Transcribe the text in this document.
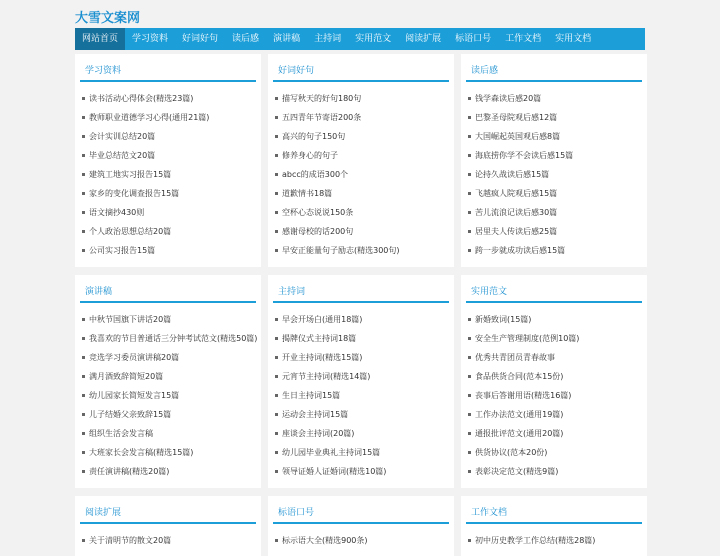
大雪文案网
网站首页	学习资料	好词好句	读后感	演讲稿	主持词	实用范文	阅读扩展	标语口号	工作文档	实用文档
学习资料
读书活动心得体会(精选23篇)
教师职业道德学习心得(通用21篇)
会计实训总结20篇
毕业总结范文20篇
建筑工地实习报告15篇
家乡的变化调查报告15篇
语文摘抄430则
个人政治思想总结20篇
公司实习报告15篇
好词好句
描写秋天的好句180句
五四青年节寄语200条
高兴的句子150句
修养身心的句子
abcc的成语300个
道歉情书18篇
空杯心态说说150条
感谢母校的话200句
早安正能量句子励志(精选300句)
读后感
钱学森读后感20篇
巴黎圣母院观后感12篇
大国崛起英国观后感8篇
海底捞你学不会读后感15篇
论持久战读后感15篇
飞越疯人院观后感15篇
苦儿流浪记读后感30篇
居里夫人传读后感25篇
跨一步就成功读后感15篇
演讲稿
中秋节国旗下讲话20篇
我喜欢的节目普通话三分钟考试范文(精选50篇)
竞选学习委员演讲稿20篇
满月酒致辞简短20篇
幼儿园家长简短发言15篇
儿子结婚父亲致辞15篇
组织生活会发言稿
大班家长会发言稿(精选15篇)
责任演讲稿(精选20篇)
主持词
早会开场白(通用18篇)
揭牌仪式主持词18篇
开业主持词(精选15篇)
元宵节主持词(精选14篇)
生日主持词15篇
运动会主持词15篇
座谈会主持词(20篇)
幼儿园毕业典礼主持词15篇
领导证婚人证婚词(精选10篇)
实用范文
新婚致词(15篇)
安全生产管理制度(范例10篇)
优秀共青团员青春故事
食品供货合同(范本15份)
丧事后答谢用语(精选16篇)
工作办法范文(通用19篇)
通报批评范文(通用20篇)
供货协议(范本20份)
表彰决定范文(精选9篇)
阅读扩展
关于清明节的散文20篇
标语口号
标示语大全(精选900条)
工作文档
初中历史教学工作总结(精选28篇)
